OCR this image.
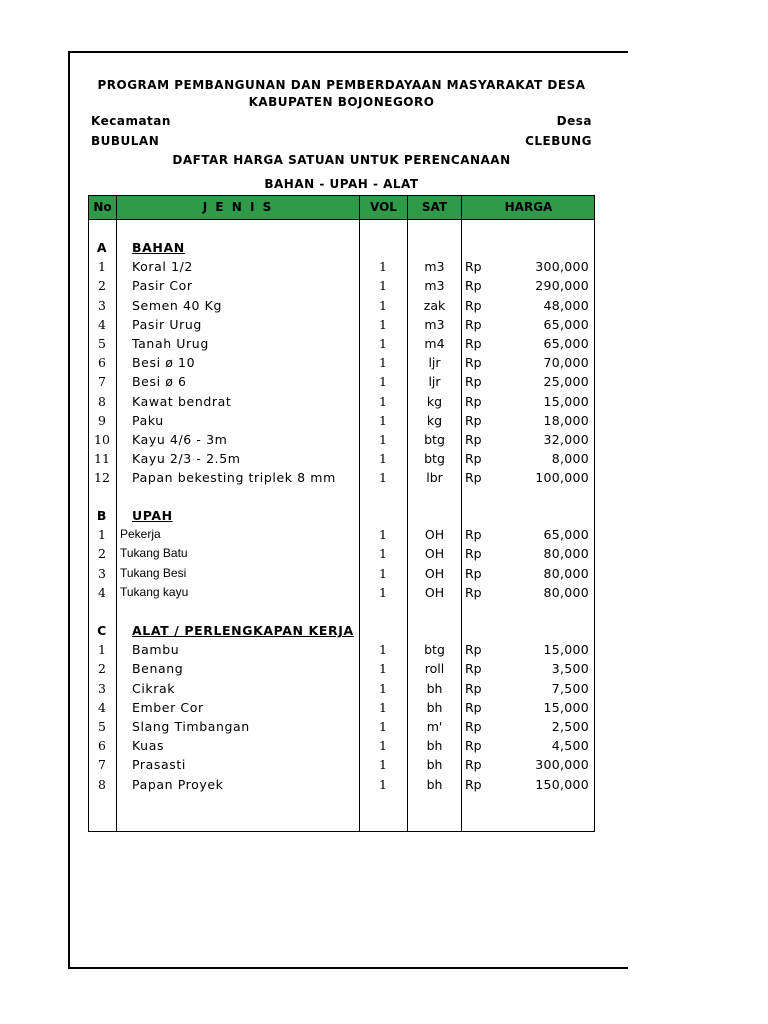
PROGRAM PEMBANGUNAN DAN PEMBERDAYAAN MASYARAKAT DESA
KABUPATEN BOJONEGORO
Kecamatan	Desa
BUBULAN	CLEBUNG
DAFTAR HARGA SATUAN UNTUK PERENCANAAN
BAHAN - UPAH - ALAT
No	J E N I S	VOL	SAT	HARGA
A	BAHAN
1	Koral 1/2	1	m3	Rp	300,000
2	Pasir Cor	1	m3	Rp	290,000
3	Semen 40 Kg	1	zak	Rp	48,000
4	Pasir Urug	1	m3	Rp	65,000
5	Tanah Urug	1	m4	Rp	65,000
6	Besi ø 10	1	ljr	Rp	70,000
7	Besi ø 6	1	ljr	Rp	25,000
8	Kawat bendrat	1	kg	Rp	15,000
9	Paku	1	kg	Rp	18,000
10	Kayu 4/6 - 3m	1	btg	Rp	32,000
11	Kayu 2/3 - 2.5m	1	btg	Rp	8,000
12	Papan bekesting triplek 8 mm	1	lbr	Rp	100,000
B	UPAH
1	Pekerja	1	OH	Rp	65,000
2	Tukang Batu	1	OH	Rp	80,000
3	Tukang Besi	1	OH	Rp	80,000
4	Tukang kayu	1	OH	Rp	80,000
C	ALAT / PERLENGKAPAN KERJA
1	Bambu	1	btg	Rp	15,000
2	Benang	1	roll	Rp	3,500
3	Cikrak	1	bh	Rp	7,500
4	Ember Cor	1	bh	Rp	15,000
5	Slang Timbangan	1	m'	Rp	2,500
6	Kuas	1	bh	Rp	4,500
7	Prasasti	1	bh	Rp	300,000
8	Papan Proyek	1	bh	Rp	150,000
